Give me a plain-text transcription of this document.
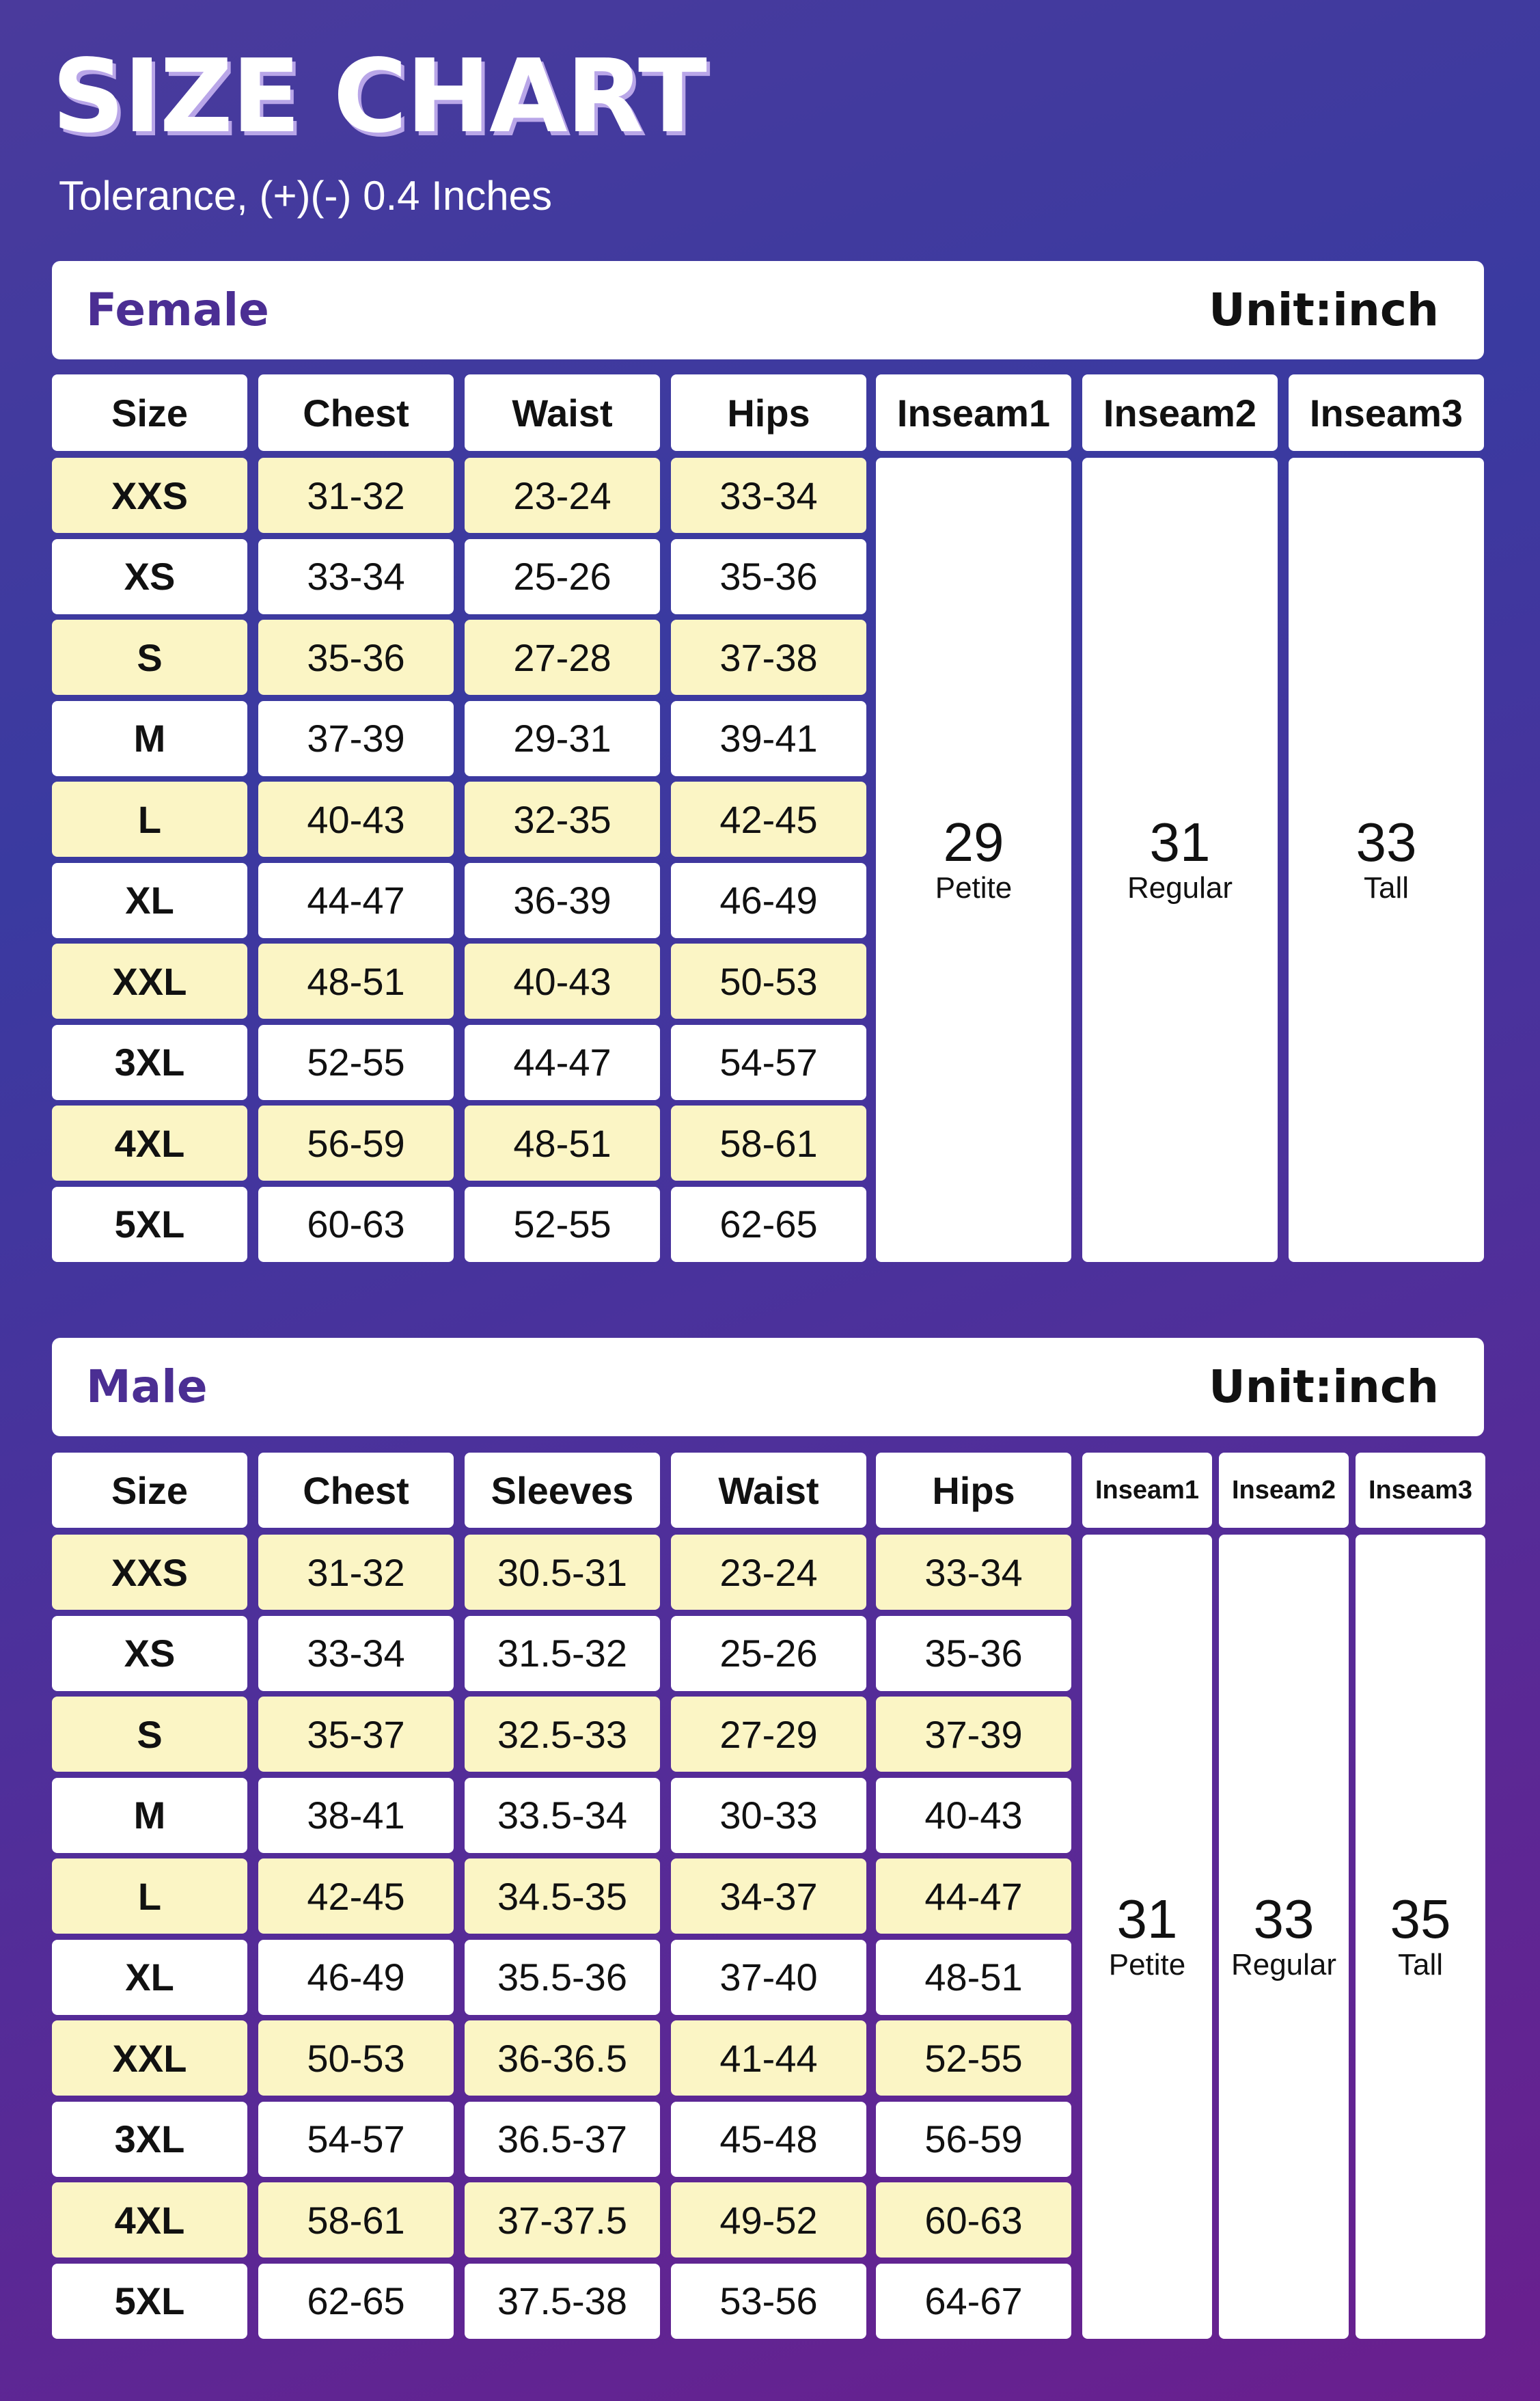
SIZE CHART
Tolerance, (+)(-) 0.4 Inches
Female	Unit:inch
Size	Chest	Waist	Hips	Inseam1	Inseam2	Inseam3
XXS	31-32	23-24	33-34
XS	33-34	25-26	35-36
S	35-36	27-28	37-38
M	37-39	29-31	39-41
L	40-43	32-35	42-45
XL	44-47	36-39	46-49
XXL	48-51	40-43	50-53
3XL	52-55	44-47	54-57
4XL	56-59	48-51	58-61
5XL	60-63	52-55	62-65
29
Petite
31
Regular
33
Tall
Male	Unit:inch
Size	Chest	Sleeves	Waist	Hips	Inseam1	Inseam2	Inseam3
XXS	31-32	30.5-31	23-24	33-34
XS	33-34	31.5-32	25-26	35-36
S	35-37	32.5-33	27-29	37-39
M	38-41	33.5-34	30-33	40-43
L	42-45	34.5-35	34-37	44-47
XL	46-49	35.5-36	37-40	48-51
XXL	50-53	36-36.5	41-44	52-55
3XL	54-57	36.5-37	45-48	56-59
4XL	58-61	37-37.5	49-52	60-63
5XL	62-65	37.5-38	53-56	64-67
31
Petite
33
Regular
35
Tall
